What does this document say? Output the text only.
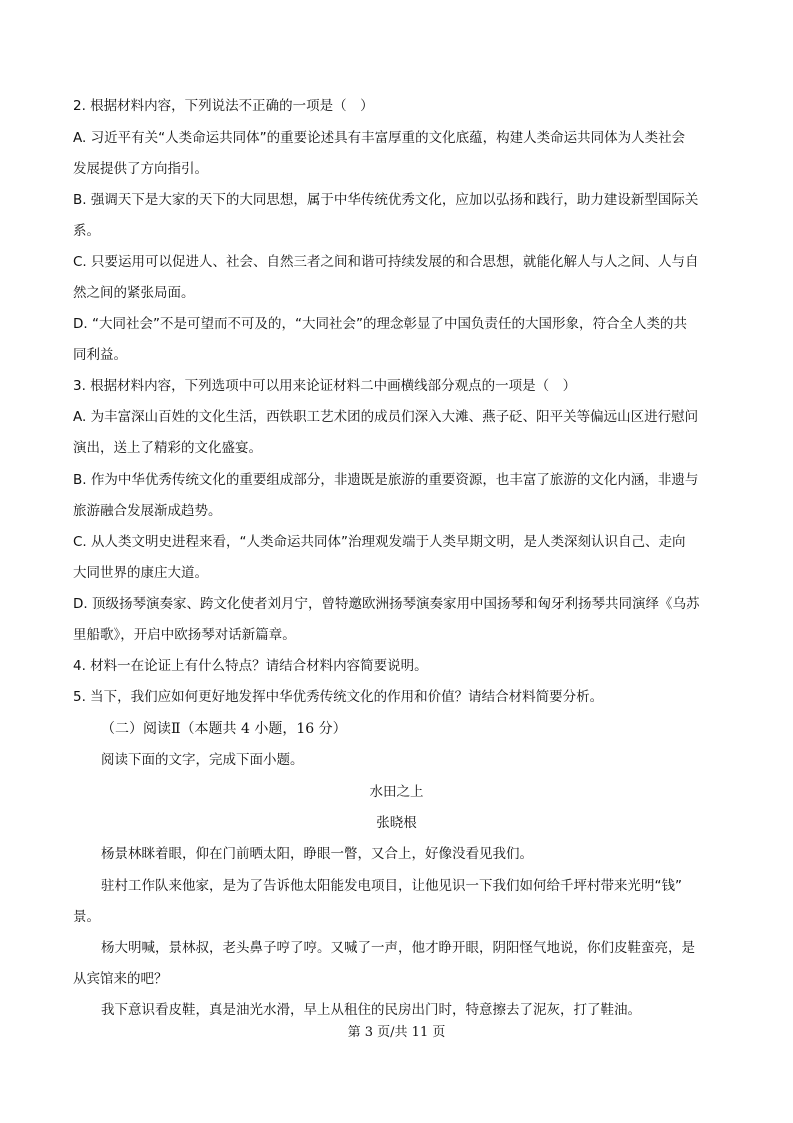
2. 根据材料内容，下列说法不正确的一项是（　）
A. 习近平有关“人类命运共同体”的重要论述具有丰富厚重的文化底蕴，构建人类命运共同体为人类社会
发展提供了方向指引。
B. 强调天下是大家的天下的大同思想，属于中华传统优秀文化，应加以弘扬和践行，助力建设新型国际关
系。
C. 只要运用可以促进人、社会、自然三者之间和谐可持续发展的和合思想，就能化解人与人之间、人与自
然之间的紧张局面。
D. “大同社会”不是可望而不可及的，“大同社会”的理念彰显了中国负责任的大国形象，符合全人类的共
同利益。
3. 根据材料内容，下列选项中可以用来论证材料二中画横线部分观点的一项是（　）
A. 为丰富深山百姓的文化生活，西铁职工艺术团的成员们深入大滩、燕子砭、阳平关等偏远山区进行慰问
演出，送上了精彩的文化盛宴。
B. 作为中华优秀传统文化的重要组成部分，非遗既是旅游的重要资源，也丰富了旅游的文化内涵，非遗与
旅游融合发展渐成趋势。
C. 从人类文明史进程来看，“人类命运共同体”治理观发端于人类早期文明，是人类深刻认识自己、走向
大同世界的康庄大道。
D. 顶级扬琴演奏家、跨文化使者刘月宁，曾特邀欧洲扬琴演奏家用中国扬琴和匈牙利扬琴共同演绎《乌苏
里船歌》，开启中欧扬琴对话新篇章。
4. 材料一在论证上有什么特点？请结合材料内容简要说明。
5. 当下，我们应如何更好地发挥中华优秀传统文化的作用和价值？请结合材料简要分析。
（二）阅读Ⅱ（本题共 4 小题，16 分）
阅读下面的文字，完成下面小题。
水田之上
张晓根
杨景林眯着眼，仰在门前晒太阳，睁眼一瞥，又合上，好像没看见我们。
驻村工作队来他家，是为了告诉他太阳能发电项目，让他见识一下我们如何给千坪村带来光明“钱”
景。
杨大明喊，景林叔，老头鼻子哼了哼。又喊了一声，他才睁开眼，阴阳怪气地说，你们皮鞋蛮亮，是
从宾馆来的吧？
我下意识看皮鞋，真是油光水滑，早上从租住的民房出门时，特意擦去了泥灰，打了鞋油。
第 3 页/共 11 页
